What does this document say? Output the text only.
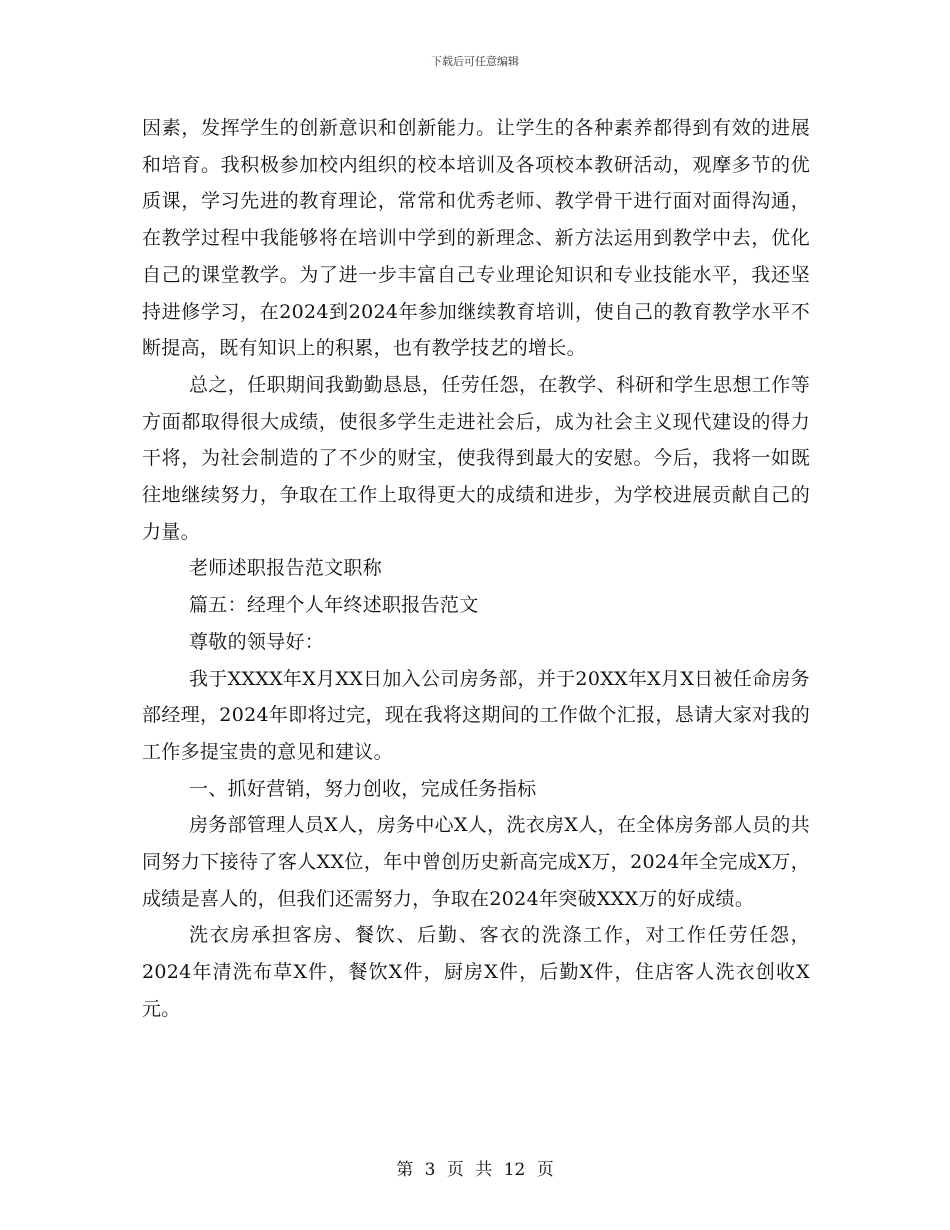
下载后可任意编辑

因素，发挥学生的创新意识和创新能力。让学生的各种素养都得到有效的进展和培育。我积极参加校内组织的校本培训及各项校本教研活动，观摩多节的优质课，学习先进的教育理论，常常和优秀老师、教学骨干进行面对面得沟通，在教学过程中我能够将在培训中学到的新理念、新方法运用到教学中去，优化自己的课堂教学。为了进一步丰富自己专业理论知识和专业技能水平，我还坚持进修学习，在2024到2024年参加继续教育培训，使自己的教育教学水平不断提高，既有知识上的积累，也有教学技艺的增长。

总之，任职期间我勤勤恳恳，任劳任怨，在教学、科研和学生思想工作等方面都取得很大成绩，使很多学生走进社会后，成为社会主义现代建设的得力干将，为社会制造的了不少的财宝，使我得到最大的安慰。今后，我将一如既往地继续努力，争取在工作上取得更大的成绩和进步，为学校进展贡献自己的力量。

老师述职报告范文职称

篇五：经理个人年终述职报告范文

尊敬的领导好：

我于XXXX年X月XX日加入公司房务部，并于20XX年X月X日被任命房务部经理，2024年即将过完，现在我将这期间的工作做个汇报，恳请大家对我的工作多提宝贵的意见和建议。

一、抓好营销，努力创收，完成任务指标

房务部管理人员X人，房务中心X人，洗衣房X人，在全体房务部人员的共同努力下接待了客人XX位，年中曾创历史新高完成X万，2024年全完成X万，成绩是喜人的，但我们还需努力，争取在2024年突破XXX万的好成绩。

洗衣房承担客房、餐饮、后勤、客衣的洗涤工作，对工作任劳任怨，2024年清洗布草X件，餐饮X件，厨房X件，后勤X件，住店客人洗衣创收X元。

第 3 页 共 12 页
